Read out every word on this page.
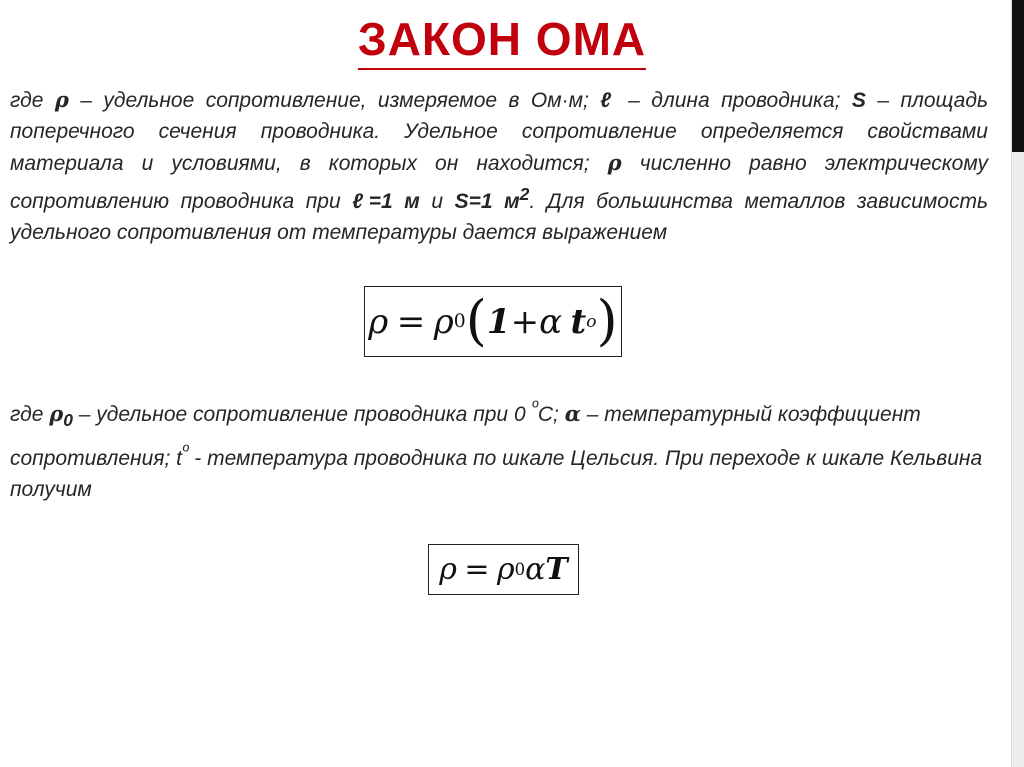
ЗАКОН ОМА
где ρ – удельное сопротивление, измеряемое в Ом·м; ℓ – длина проводника; S – площадь поперечного сечения проводника. Удельное сопротивление определяется свойствами материала и условиями, в которых он находится; ρ численно равно электрическому сопротивлению проводника при ℓ=1 м и S=1 $м^2$. Для большинства металлов зависимость удельного сопротивления от температуры дается выражением
ρ = ρ 0 ( 1 + α t o )
где $\rho_0$ – удельное сопротивление проводника при 0 $^º$С; α – температурный коэффициент сопротивления; $t^º$ - температура проводника по шкале Цельсия. При переходе к шкале Кельвина получим
ρ = ρ 0 α T
